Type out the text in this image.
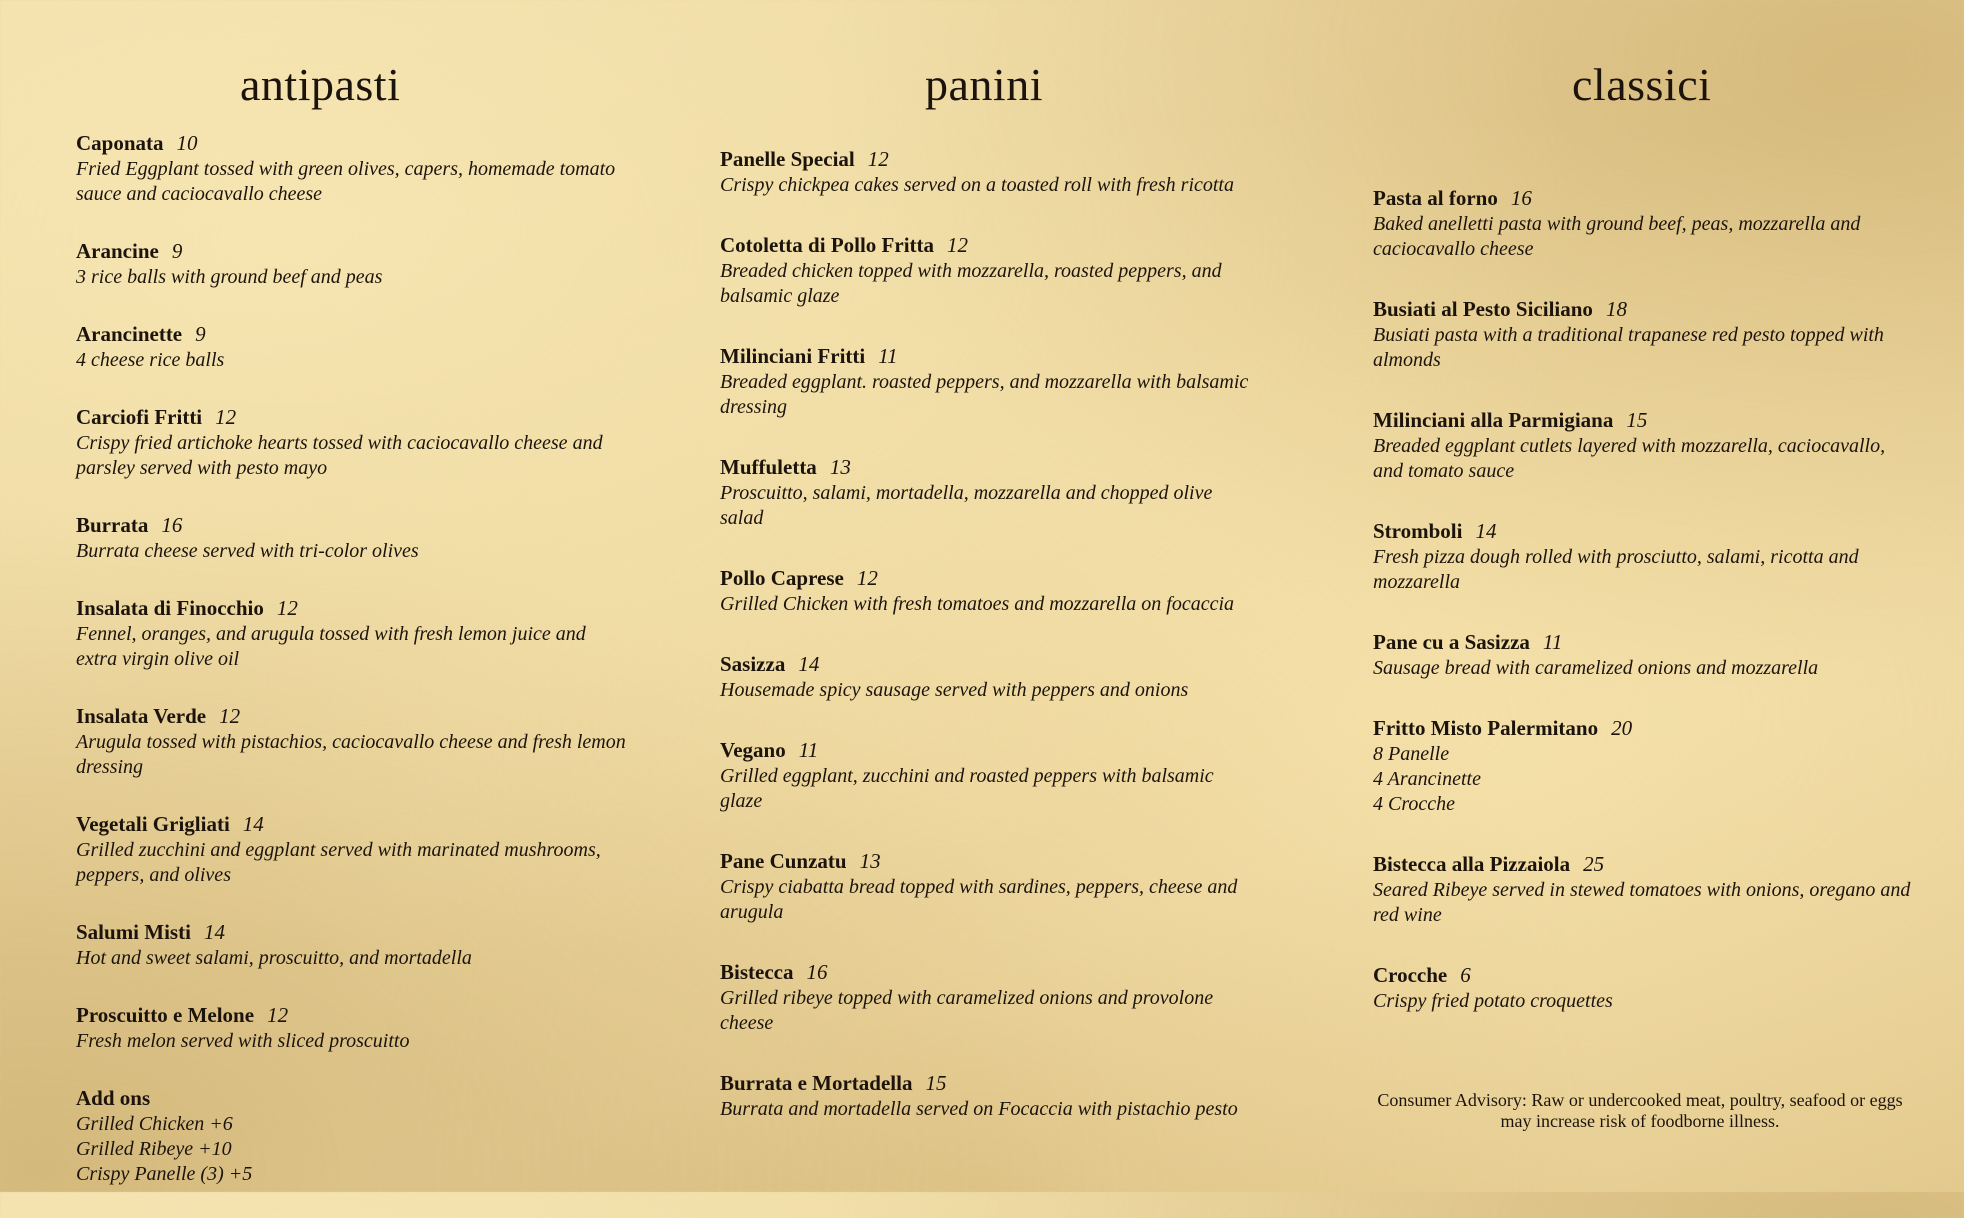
antipasti
Caponata 10
Fried Eggplant tossed with green olives, capers, homemade tomato sauce and caciocavallo cheese
Arancine 9
3 rice balls with ground beef and peas
Arancinette 9
4 cheese rice balls
Carciofi Fritti 12
Crispy fried artichoke hearts tossed with caciocavallo cheese and parsley served with pesto mayo
Burrata 16
Burrata cheese served with tri-color olives
Insalata di Finocchio 12
Fennel, oranges, and arugula tossed with fresh lemon juice and extra virgin olive oil
Insalata Verde 12
Arugula tossed with pistachios, caciocavallo cheese and fresh lemon dressing
Vegetali Grigliati 14
Grilled zucchini and eggplant served with marinated mushrooms, peppers, and olives
Salumi Misti 14
Hot and sweet salami, proscuitto, and mortadella
Proscuitto e Melone 12
Fresh melon served with sliced proscuitto
Add ons
Grilled Chicken +6
Grilled Ribeye +10
Crispy Panelle (3) +5
panini
Panelle Special 12
Crispy chickpea cakes served on a toasted roll with fresh ricotta
Cotoletta di Pollo Fritta 12
Breaded chicken topped with mozzarella, roasted peppers, and balsamic glaze
Milinciani Fritti 11
Breaded eggplant. roasted peppers, and mozzarella with balsamic dressing
Muffuletta 13
Proscuitto, salami, mortadella, mozzarella and chopped olive salad
Pollo Caprese 12
Grilled Chicken with fresh tomatoes and mozzarella on focaccia
Sasizza 14
Housemade spicy sausage served with peppers and onions
Vegano 11
Grilled eggplant, zucchini and roasted peppers with balsamic glaze
Pane Cunzatu 13
Crispy ciabatta bread topped with sardines, peppers, cheese and arugula
Bistecca 16
Grilled ribeye topped with caramelized onions and provolone cheese
Burrata e Mortadella 15
Burrata and mortadella served on Focaccia with pistachio pesto
classici
Pasta al forno 16
Baked anelletti pasta with ground beef, peas, mozzarella and caciocavallo cheese
Busiati al Pesto Siciliano 18
Busiati pasta with a traditional trapanese red pesto topped with almonds
Milinciani alla Parmigiana 15
Breaded eggplant cutlets layered with mozzarella, caciocavallo, and tomato sauce
Stromboli 14
Fresh pizza dough rolled with prosciutto, salami, ricotta and mozzarella
Pane cu a Sasizza 11
Sausage bread with caramelized onions and mozzarella
Fritto Misto Palermitano 20
8 Panelle
4 Arancinette
4 Crocche
Bistecca alla Pizzaiola 25
Seared Ribeye served in stewed tomatoes with onions, oregano and red wine
Crocche 6
Crispy fried potato croquettes
Consumer Advisory: Raw or undercooked meat, poultry, seafood or eggs may increase risk of foodborne illness.
